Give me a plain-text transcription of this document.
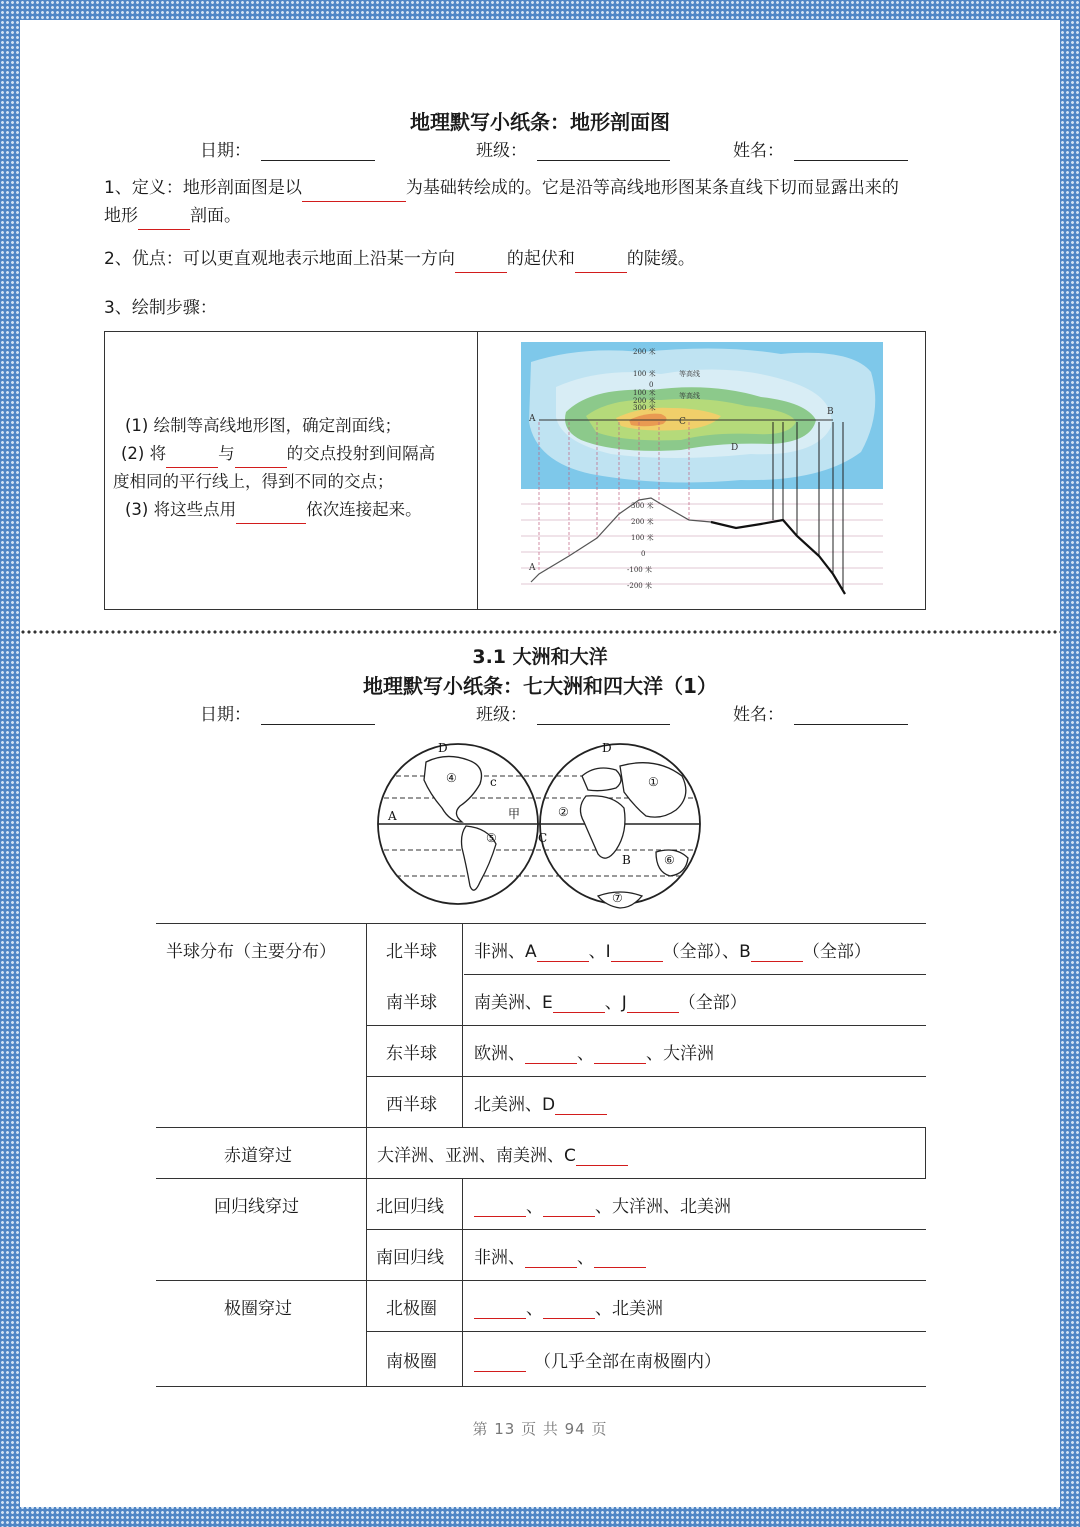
地理默写小纸条：地形剖面图
日期：	班级：	姓名：
1、定义：地形剖面图是以	为基础转绘成的。它是沿等高线地形图某条直线下切而显露出来的
地形	剖面。
2、优点：可以更直观地表示地面上沿某一方向	的起伏和	的陡缓。
3、绘制步骤：
(1) 绘制等高线地形图，确定剖面线；
(2) 将	与	的交点投射到间隔高
度相同的平行线上，得到不同的交点；
(3) 将这些点用	依次连接起来。
200 米
100 米	等高线
0
100 米	等高线
200 米
300 米
300 米
200 米
100 米
0
-100 米
-200 米
A
B
C
D
A
3.1 大洲和大洋
地理默写小纸条：七大洲和四大洋（1）
日期：	班级：	姓名：
D
④	c
甲
A
⑤
D
①
②
C
B	⑥
⑦
半球分布（主要分布）	北半球 非洲、A	、I	（全部）、B	（全部）
南半球 南美洲、E	、J	（全部）
东半球 欧洲、	、	、大洋洲
西半球 北美洲、D
赤道穿过	大洋洲、亚洲、南美洲、C
回归线穿过	北回归线	、	、大洋洲、北美洲
南回归线 非洲、	、
极圈穿过	北极圈	、	、北美洲
南极圈	（几乎全部在南极圈内）
第 13 页 共 94 页
